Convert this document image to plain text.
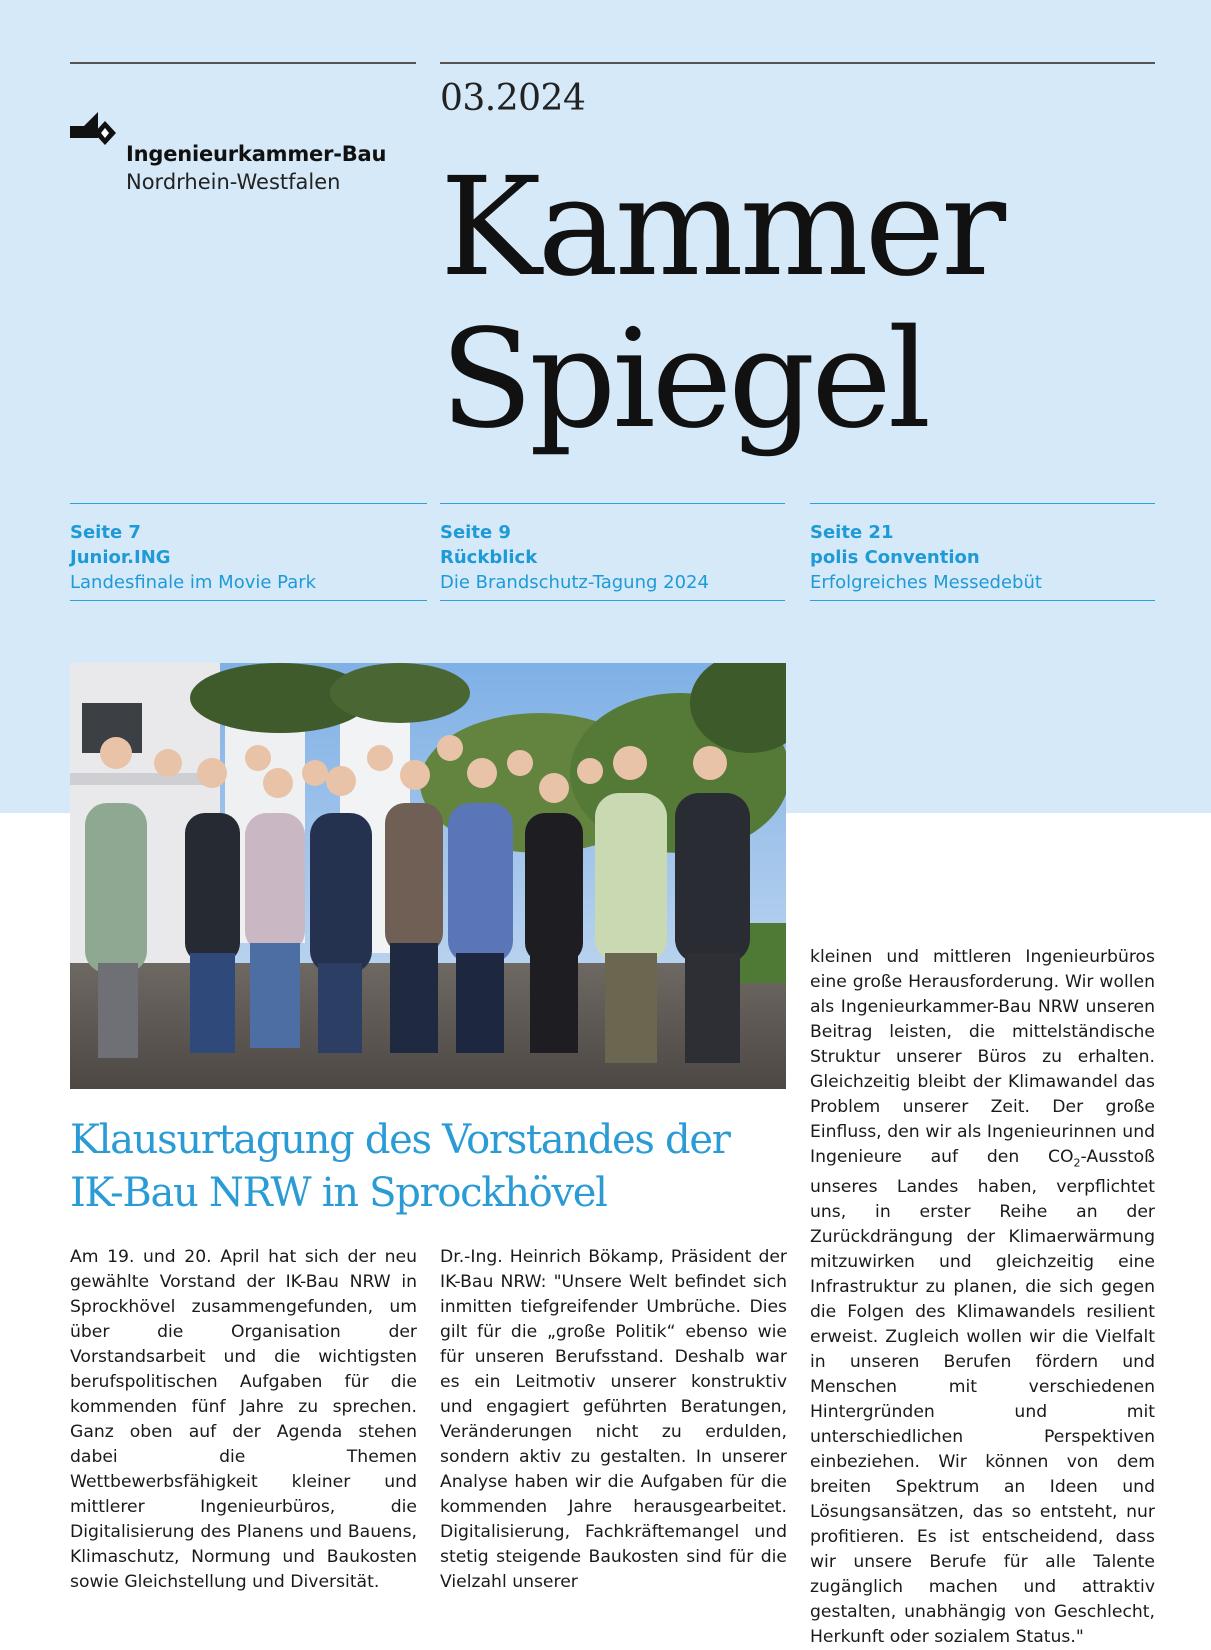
Ingenieurkammer-Bau
Nordrhein-Westfalen
03.2024
Kammer
Spiegel
Seite 7
Junior.ING
Landesfinale im Movie Park
Seite 9
Rückblick
Die Brandschutz-Tagung 2024
Seite 21
polis Convention
Erfolgreiches Messedebüt
Klausurtagung des Vorstandes der
IK-Bau NRW in Sprockhövel

Am 19. und 20. April hat sich der neu gewählte Vorstand der IK-Bau NRW in Sprockhövel zusammengefunden, um über die Organisation der Vorstandsarbeit und die wichtigsten berufspolitischen Aufgaben für die kommenden fünf Jahre zu sprechen. Ganz oben auf der Agenda stehen dabei die Themen Wettbewerbsfähigkeit kleiner und mittlerer Ingenieurbüros, die Digitalisierung des Planens und Bauens, Klimaschutz, Normung und Baukosten sowie Gleichstellung und Diversität.

Dr.-Ing. Heinrich Bökamp, Präsident der IK-Bau NRW: "Unsere Welt befindet sich inmitten tiefgreifender Umbrüche. Dies gilt für die „große Politik“ ebenso wie für unseren Berufsstand. Deshalb war es ein Leitmotiv unserer konstruktiv und engagiert geführten Beratungen, Veränderungen nicht zu erdulden, sondern aktiv zu gestalten. In unserer Analyse haben wir die Aufgaben für die kommenden Jahre herausgearbeitet. Digitalisierung, Fachkräftemangel und stetig steigende Baukosten sind für die Vielzahl unserer

kleinen und mittleren Ingenieurbüros eine große Herausforderung. Wir wollen als Ingenieurkammer-Bau NRW unseren Beitrag leisten, die mittelständische Struktur unserer Büros zu erhalten. Gleichzeitig bleibt der Klimawandel das Problem unserer Zeit. Der große Einfluss, den wir als Ingenieurinnen und Ingenieure auf den $CO_2$-Ausstoß unseres Landes haben, verpflichtet uns, in erster Reihe an der Zurückdrängung der Klimaerwärmung mitzuwirken und gleichzeitig eine Infrastruktur zu planen, die sich gegen die Folgen des Klimawandels resilient erweist. Zugleich wollen wir die Vielfalt in unseren Berufen fördern und Menschen mit verschiedenen Hintergründen und mit unterschiedlichen Perspektiven einbeziehen. Wir können von dem breiten Spektrum an Ideen und Lösungsansätzen, das so entsteht, nur profitieren. Es ist entscheidend, dass wir unsere Berufe für alle Talente zugänglich machen und attraktiv gestalten, unabhängig von Geschlecht, Herkunft oder sozialem Status."
